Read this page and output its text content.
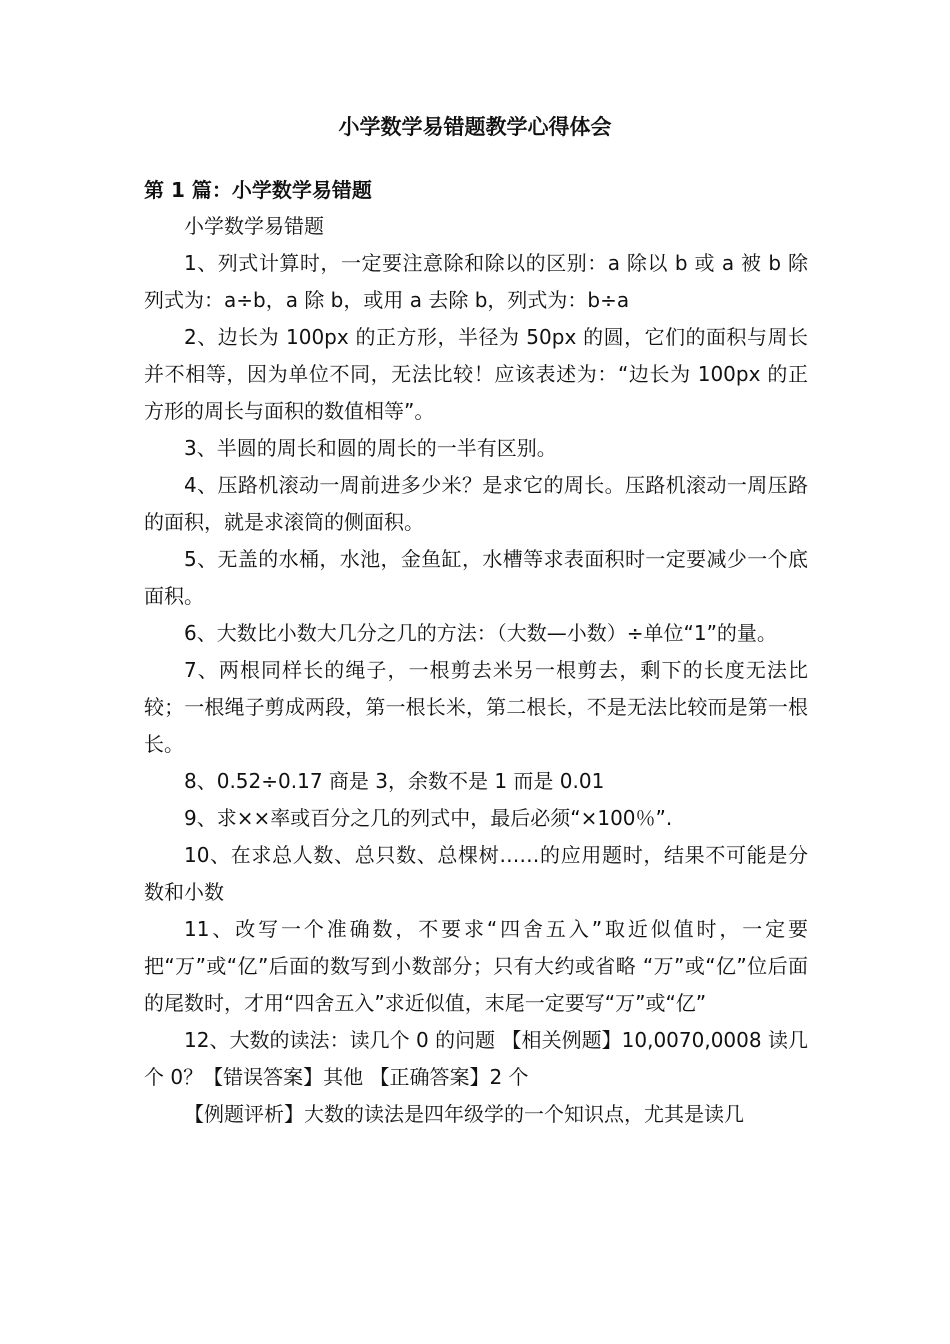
小学数学易错题教学心得体会
第 1 篇：小学数学易错题

小学数学易错题

1、列式计算时，一定要注意除和除以的区别：a 除以 b 或 a 被 b 除列式为：a÷b，a 除 b，或用 a 去除 b，列式为：b÷a

2、边长为 100px 的正方形，半径为 50px 的圆，它们的面积与周长并不相等，因为单位不同，无法比较！应该表述为：“边长为 100px 的正方形的周长与面积的数值相等”。

3、半圆的周长和圆的周长的一半有区别。

4、压路机滚动一周前进多少米？是求它的周长。压路机滚动一周压路的面积，就是求滚筒的侧面积。

5、无盖的水桶，水池，金鱼缸，水槽等求表面积时一定要减少一个底面积。

6、大数比小数大几分之几的方法：（大数—小数）÷单位“1”的量。

7、两根同样长的绳子，一根剪去米另一根剪去，剩下的长度无法比较；一根绳子剪成两段，第一根长米，第二根长，不是无法比较而是第一根长。

8、0.52÷0.17 商是 3，余数不是 1 而是 0.01

9、求××率或百分之几的列式中，最后必须“×100％”.

10、在求总人数、总只数、总棵树……的应用题时，结果不可能是分数和小数

11、改写一个准确数，不要求“四舍五入”取近似值时，一定要把“万”或“亿”后面的数写到小数部分；只有大约或省略 “万”或“亿”位后面的尾数时，才用“四舍五入”求近似值，末尾一定要写“万”或“亿”

12、大数的读法：读几个 0 的问题 【相关例题】10,0070,0008 读几个 0？【错误答案】其他 【正确答案】2 个

【例题评析】大数的读法是四年级学的一个知识点，尤其是读几
